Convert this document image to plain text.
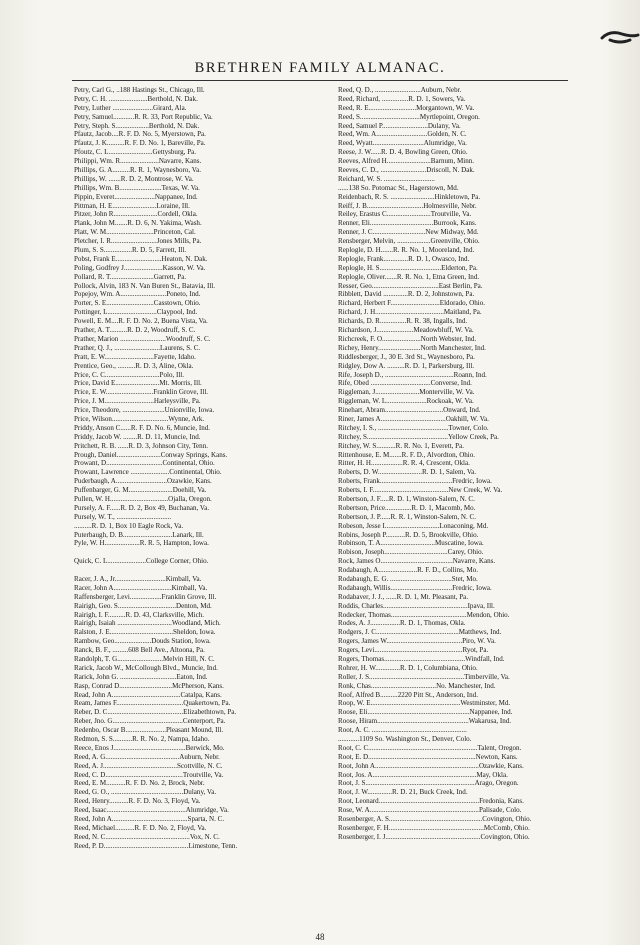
BRETHREN FAMILY ALMANAC.
Petry, Carl G., ..188 Hastings St., Chicago, Ill.
Petry, C. H. ......................Berthold, N. Dak.
Petry, Luther .......................Girard, Ala.
Petry, Samuel............R. R. 33, Port Republic, Va.
Petry, Steph. S...................Berthold, N. Dak.
Pfautz, Jacob....R. F. D. No. 5, Myerstown, Pa.
Pfautz, J. K..........R. F. D. No. 1, Bareville, Pa.
Pfoutz, C. L.........................Gettysburg, Pa.
Philippi, Wm. R......................Navarre, Kans.
Phillips, G. A..........R. R. 1, Waynesboro, Va.
Phillips, W. .......R. D. 2, Montrose, W. Va.
Phillips, Wm. B........................Texas, W. Va.
Pippin, Everet.......................Nappanee, Ind.
Pittman, H. E.........................Loraine, Ill.
Pitzer, John R.........................Cordell, Okla.
Plank, John M.......R. D. 6, N. Yakima, Wash.
Platt, W. M...........................Princeton, Cal.
Pletcher, I. R..........................Jones Mills, Pa.
Plum, S. S................R. D. 5, Farrett, Ill.
Pobst, Frank E..........................Heaton, N. Dak.
Poling, Godfrey J......................Kasson, W. Va.
Pollard, R. T.........................Garrett, Pa.
Pollock, Alvin, 183 N. Van Buren St., Batavia, Ill.
Popejoy, Wm. A..........................Poneto, Ind.
Porter, S. E...........................Casstown, Ohio.
Pottinger, L............................Claypool, Ind.
Powell, E. M....R. F. D. No. 2, Buena Vista, Va.
Prather, A. T..........R. D. 2, Woodruff, S. C.
Prather, Marion ..........................Woodruff, S. C.
Prather, Q. J., ..........................Laurens, S. C.
Pratt, E. W............................Fayette, Idaho.
Prentice, Geo., ..........R. D. 3, Aline, Okla.
Price, C. C...............................Polo, Ill.
Price, David E.........................Mt. Morris, Ill.
Price, E. W...........................Franklin Grove, Ill.
Price, J. M............................Harleysville, Pa.
Price, Theodore, ........................Unionville, Iowa.
Price, Wilson................................Wynne, Ark.
Priddy, Anson C......R. F. D. No. 6, Muncie, Ind.
Priddy, Jacob W. ........R. D. 11, Muncie, Ind.
Pritchett, R. B. ......R. D. 3, Johnson City, Tenn.
Prough, Daniel.........................Conway Springs, Kans.
Prowant, D................................Continental, Ohio.
Prowant, Lawrence ......................Continental, Ohio.
Puderbaugh, A.............................Ozawkie, Kans.
Puffenbarger, G. M.........................Doehill, Va.
Pullen, W. H.................................Ojalla, Oregon.
Pursely, A. F......R. D. 2, Box 49, Buchanan, Va.
Pursely, W. T., ...............................
..........R. D. 1, Box 10 Eagle Rock, Va.
Puterbaugh, D. B............................Lanark, Ill.
Pyle, W. H....................R. R. 5, Hampton, Iowa.
Quick, C. L......................College Corner, Ohio.
Racer, J. A., Jr.............................Kimball, Va.
Racer, John A.................................Kimball, Va.
Raffensberger, Levi..................Franklin Grove, Ill.
Rairigh, Geo. S.................................Denton, Md.
Rairigh, I. F..........R. D. 43, Clarksville, Mich.
Rairigh, Isaiah ...............................Woodland, Mich.
Ralston, J. E....................................Sheldon, Iowa.
Rambow, Geo.....................Douds Station, Iowa.
Ranck, B. F., .........608 Bell Ave., Altoona, Pa.
Randolph, T. G..........................Melvin Hill, N. C.
Rarick, Jacob W., McCollough Blvd., Muncie, Ind.
Rarick, John G. ................................Eaton, Ind.
Rasp, Conrad D..............................McPherson, Kans.
Read, John A.......................................Catalpa, Kans.
Ream, James F......................................Quakertown, Pa.
Reber, D. C...........................................Elizabethtown, Pa.
Reber, Jno. G........................................Centerport, Pa.
Redenbo, Oscar B.......................Pleasant Mound, Ill.
Redmon, S. S...........R. R. No. 2, Nampa, Idaho.
Reece, Enos J.........................................Berwick, Mo.
Reed, A. G..........................................Auburn, Nebr.
Reed, A. J..........................................Scottville, N. C.
Reed, C. D............................................Troutville, Va.
Reed, E. M...........R. F. D. No. 2, Brock, Nebr.
Reed, G. O., .........................................Dulany, Va.
Reed, Henry...........R. F. D. No. 3, Floyd, Va.
Reed, Isaac.............................................Alumridge, Va.
Reed, John A...........................................Sparta, N. C.
Reed, Michael...........R. F. D. No. 2, Floyd, Va.
Reed, N. C................................................Vox, N. C.
Reed, P. D................................................Limestone, Tenn.
Reed, Q. D., ..........................Auburn, Nebr.
Reed, Richard, ...............R. D. 1, Sowers, Va.
Reed, R. E...........................Morgantown, W. Va.
Reed, S..................................Myrtlepoint, Oregon.
Reed, Samuel P..........................Dulany, Va.
Reed, Wm. A.............................Golden, N. C.
Reed, Wyatt.............................Alumridge, Va.
Reese, J. W......R. D. 4, Bowling Green, Ohio.
Reeves, Alfred H.........................Barnum, Minn.
Reeves, C. D., ..........................Driscoll, N. Dak.
Reichard, W. S. .............................
......138 So. Potomac St., Hagerstown, Md.
Reidenbach, R. S. .........................Hinkletown, Pa.
Reiff, J. B................................Holmesville, Nebr.
Reiley, Erastus C.........................Troutville, Va.
Renner, Eli....................................Burrook, Kans.
Renner, J. C..............................New Midway, Md.
Rensberger, Melvin, ...................Greenville, Ohio.
Replogle, D. H.......R. R. No. 1, Mooreland, Ind.
Replogle, Frank..............R. D. 1, Owasco, Ind.
Replogle, H. S...................................Elderton, Pa.
Replogle, Oliver.......R. R. No. 1, Etna Green, Ind.
Resser, Geo......................................East Berlin, Pa.
Ribblett, David ..............R. D. 2, Johnstown, Pa.
Richard, Herbert F............................Eldorado, Ohio.
Richard, J. H.......................................Maitland, Pa.
Richards, D. R...............R. R. 38, Ingalls, Ind.
Richardson, J.....................Meadowbluff, W. Va.
Richcreek, F. O......................North Webster, Ind.
Richey, Henry........................North Manchester, Ind.
Riddlesberger, J., 30 E. 3rd St., Waynesboro, Pa.
Ridgley, Dow A. ..........R. D. 1, Parkersburg, Ill.
Rife, Joseph D., .......................................Roann, Ind.
Rife, Obed ..................................Converse, Ind.
Riggleman, J.........................Monterville, W. Va.
Riggleman, W. L.......................Rockoak, W. Va.
Rinehart, Abram.................................Onward, Ind.
Riner, James A.....................................Oakhill, W. Va.
Ritchey, I. S., ........................................Towner, Colo.
Ritchey, S..............................................Yellow Creek, Pa.
Ritchey, W. S...........R. R. No. 1, Everett, Pa.
Rittenhouse, E. M.......R. F. D., Alvordton, Ohio.
Ritter, H. H..................R. R. 4, Crescent, Okla.
Roberts, D. W.........................R. D. 1, Salem, Va.
Roberts, Frank.........................................Fredric, Iowa.
Roberts, I. F...........................................New Creek, W. Va.
Robertson, J. F.....R. D. 1, Winston-Salem, N. C.
Robertson, Price...............R. D. 1, Macomb, Mo.
Robertson, J. P......R. R. 1, Winston-Salem, N. C.
Robeson, Jesse I...............................Lonaconing, Md.
Robins, Joseph P...........R. D. 5, Brookville, Ohio.
Robinson, T. A...............................Muscatine, Iowa.
Robison, Joseph....................................Carey, Ohio.
Rock, James O.........................................Navarre, Kans.
Rodabaugh, A......................R. F. D., Collins, Mo.
Rodabaugh, E. G. ...................................Stet, Mo.
Rodabaugh, Willis...................................Fredric, Iowa.
Rodabaver, J. J., ......R. D. 1, Mt. Pleasant, Pa.
Roddis, Charles................................................Ipava, Ill.
Rodecker, Thomas...........................................Mendon, Ohio.
Rodes, A. J.................R. D. 1, Thomas, Okla.
Rodgers, J. C...............................................Matthews, Ind.
Rogers, James W...........................................Piro, W. Va.
Rogers, Levi..................................................Ryot, Pa.
Rogers, Thomas..............................................Windfall, Ind.
Rohrer, H. W..............R. D. 1, Columbiana, Ohio.
Roller, J. S......................................................Timberville, Va.
Ronk, Chas.....................................No. Manchester, Ind.
Roof, Alfred B..........2220 Pitt St., Anderson, Ind.
Roop, W. E...................................................Westminster, Md.
Roose, Eli..........................................................Nappanee, Ind.
Roose, Hiram....................................................Wakarusa, Ind.
Root, A. C. ......................................................
............1109 So. Washington St., Denver, Colo.
Root, C. C..............................................................Talent, Oregon.
Root, E. D.............................................................Newton, Kans.
Root, John A...........................................................Ozawkie, Kans.
Root, Jos. A...........................................................May, Okla.
Root, J. S..............................................................Arago, Oregon.
Root, J. W..............R. D. 21, Buck Creek, Ind.
Root, Leonard.........................................................Fredonia, Kans.
Rose, W. A..............................................................Palisade, Colo.
Rosenberger, A. S.....................................................Covington, Ohio.
Rosenberger, F. H......................................................McComb, Ohio.
Rosenberger, I. J......................................................Covington, Ohio.
48
